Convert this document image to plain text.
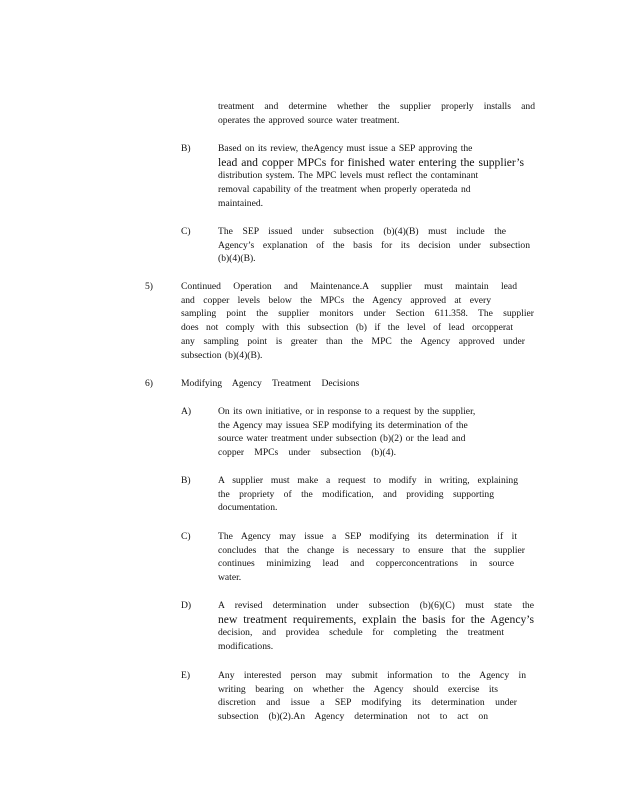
treatment and determine whether the supplier properly installs and
operates the approved source water treatment.
B)	Based on its review, theAgency must issue a SEP approving the
lead and copper MPCs for finished water entering the supplier’s
distribution system. The MPC levels must reflect the contaminant
removal capability of the treatment when properly operateda nd
maintained.
C)	The SEP issued under subsection (b)(4)(B) must include the
Agency’s explanation of the basis for its decision under subsection
(b)(4)(B).
5)	Continued Operation and Maintenance.A supplier must maintain lead
and copper levels below the MPCs the Agency approved at every
sampling point the supplier monitors under Section 611.358. The supplier
does not comply with this subsection (b) if the level of lead orcopperat
any sampling point is greater than the MPC the Agency approved under
subsection (b)(4)(B).
6)	Modifying Agency Treatment Decisions
A)	On its own initiative, or in response to a request by the supplier,
the Agency may issuea SEP modifying its determination of the
source water treatment under subsection (b)(2) or the lead and
copper MPCs under subsection (b)(4).
B)	A supplier must make a request to modify in writing, explaining
the propriety of the modification, and providing supporting
documentation.
C)	The Agency may issue a SEP modifying its determination if it
concludes that the change is necessary to ensure that the supplier
continues minimizing lead and copperconcentrations in source
water.
D)	A revised determination under subsection (b)(6)(C) must state the
new treatment requirements, explain the basis for the Agency’s
decision, and providea schedule for completing the treatment
modifications.
E)	Any interested person may submit information to the Agency in
writing bearing on whether the Agency should exercise its
discretion and issue a SEP modifying its determination under
subsection (b)(2).An Agency determination not to act on
